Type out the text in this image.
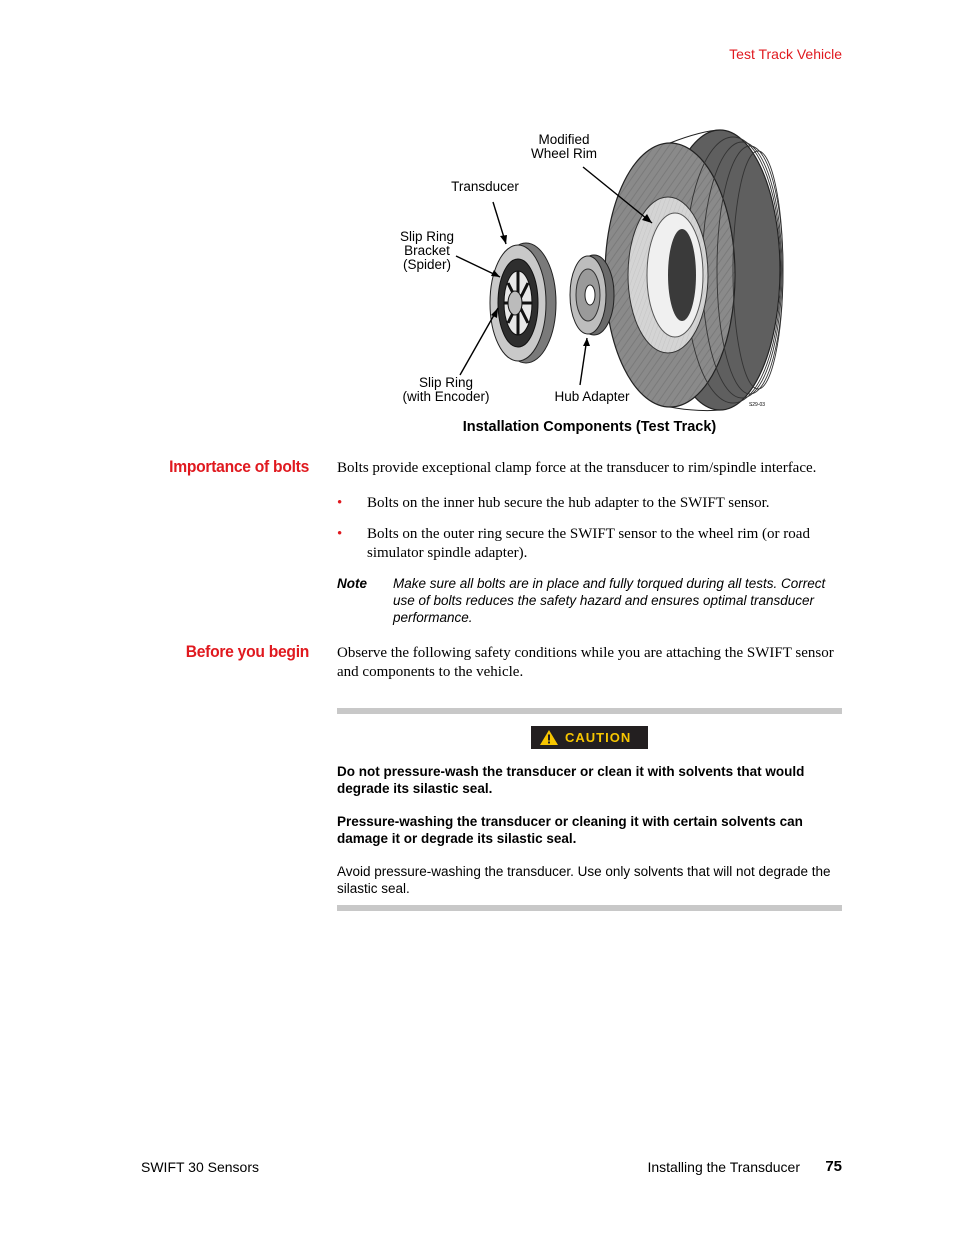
Test Track Vehicle
Modified
Wheel Rim
Transducer
Slip Ring
Bracket
(Spider)
Slip Ring
(with Encoder)	Hub Adapter
S29-03
Installation Components (Test Track)
Importance of bolts Bolts provide exceptional clamp force at the transducer to rim/spindle interface.
• Bolts on the inner hub secure the hub adapter to the SWIFT sensor.
• Bolts on the outer ring secure the SWIFT sensor to the wheel rim (or road simulator spindle adapter).
Note Make sure all bolts are in place and fully torqued during all tests. Correct use of bolts reduces the safety hazard and ensures optimal transducer performance.
Before you begin Observe the following safety conditions while you are attaching the SWIFT sensor and components to the vehicle.
CAUTION
Do not pressure-wash the transducer or clean it with solvents that would degrade its silastic seal.
Pressure-washing the transducer or cleaning it with certain solvents can damage it or degrade its silastic seal.
Avoid pressure-washing the transducer. Use only solvents that will not degrade the silastic seal.
SWIFT 30 Sensors	Installing the Transducer 75
